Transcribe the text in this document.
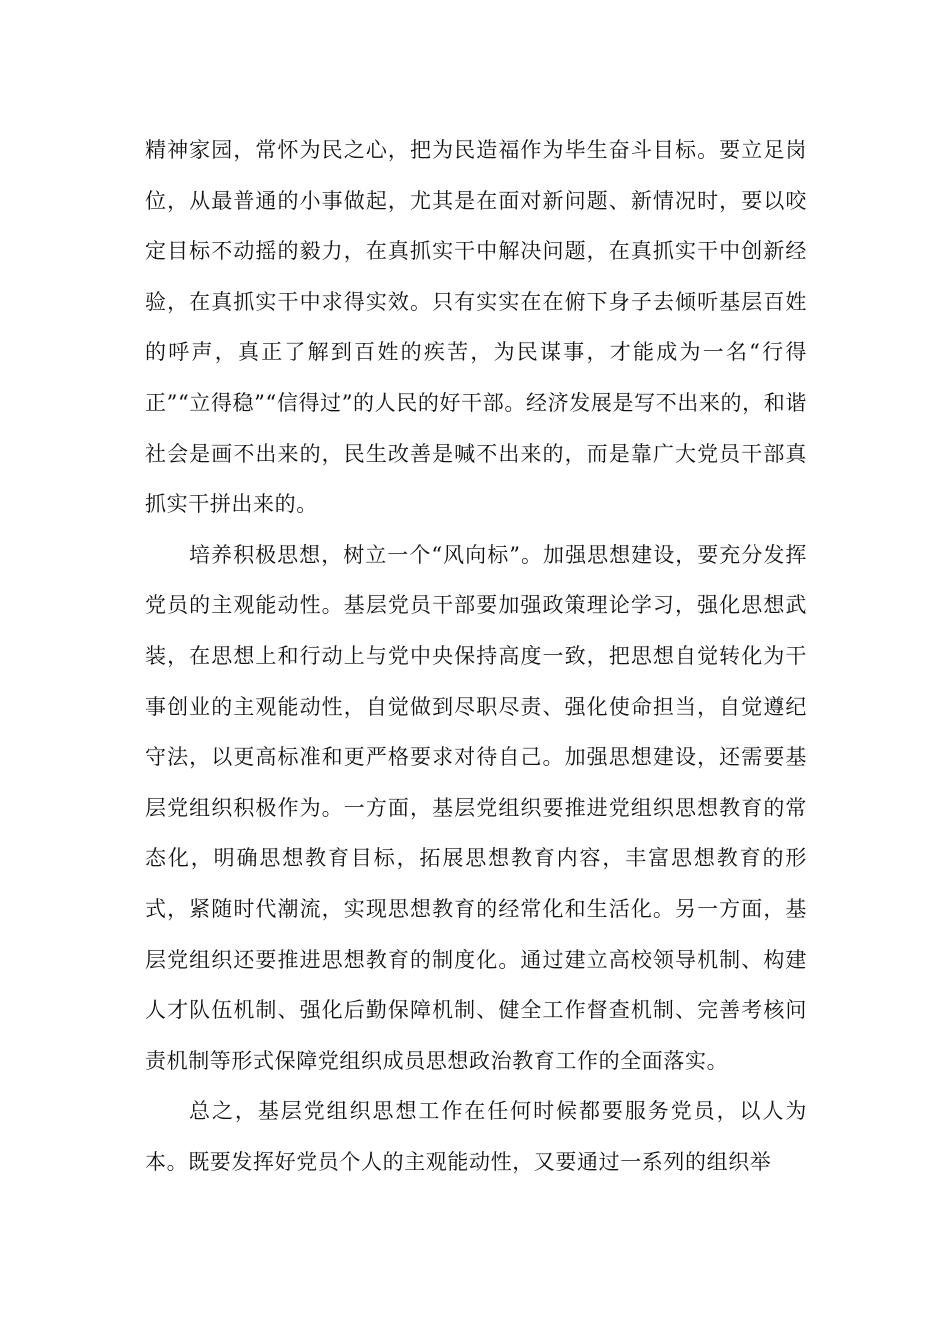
精神家园，常怀为民之心，把为民造福作为毕生奋斗目标。要立足岗位，从最普通的小事做起，尤其是在面对新问题、新情况时，要以咬定目标不动摇的毅力，在真抓实干中解决问题，在真抓实干中创新经验，在真抓实干中求得实效。只有实实在在俯下身子去倾听基层百姓的呼声，真正了解到百姓的疾苦，为民谋事，才能成为一名“行得正”“立得稳”“信得过”的人民的好干部。经济发展是写不出来的，和谐社会是画不出来的，民生改善是喊不出来的，而是靠广大党员干部真抓实干拼出来的。

培养积极思想，树立一个“风向标”。加强思想建设，要充分发挥党员的主观能动性。基层党员干部要加强政策理论学习，强化思想武装，在思想上和行动上与党中央保持高度一致，把思想自觉转化为干事创业的主观能动性，自觉做到尽职尽责、强化使命担当，自觉遵纪守法，以更高标准和更严格要求对待自己。加强思想建设，还需要基层党组织积极作为。一方面，基层党组织要推进党组织思想教育的常态化，明确思想教育目标，拓展思想教育内容，丰富思想教育的形式，紧随时代潮流，实现思想教育的经常化和生活化。另一方面，基层党组织还要推进思想教育的制度化。通过建立高校领导机制、构建人才队伍机制、强化后勤保障机制、健全工作督查机制、完善考核问责机制等形式保障党组织成员思想政治教育工作的全面落实。

总之，基层党组织思想工作在任何时候都要服务党员，以人为本。既要发挥好党员个人的主观能动性，又要通过一系列的组织举
